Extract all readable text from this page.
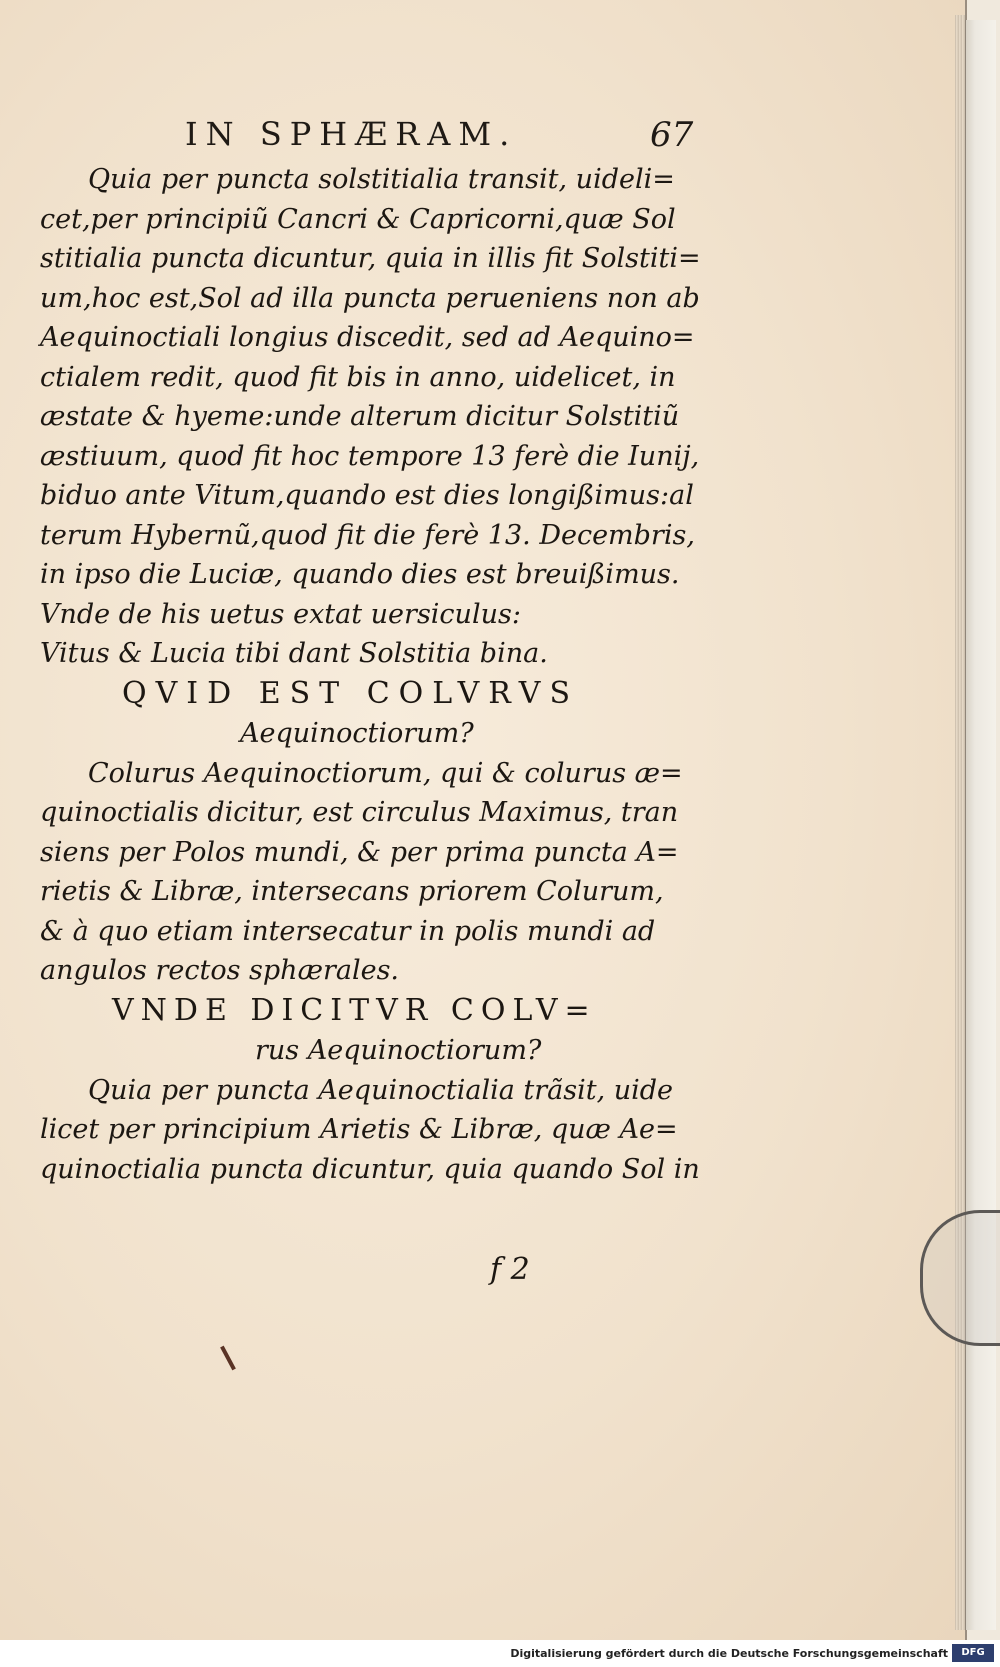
IN SPHÆRAM.	67
Quia per puncta solstitialia transit, uideli=
cet,per principiũ Cancri & Capricorni,quæ Sol
stitialia puncta dicuntur, quia in illis fit Solstiti=
um,hoc est,Sol ad illa puncta perueniens non ab
Aequinoctiali longius discedit, sed ad Aequino=
ctialem redit, quod fit bis in anno, uidelicet, in
æstate & hyeme:unde alterum dicitur Solstitiũ
æstiuum, quod fit hoc tempore 13 ferè die Iunij,
biduo ante Vitum,quando est dies longißimus:al
terum Hybernũ,quod fit die ferè 13. Decembris,
in ipso die Luciæ, quando dies est breuißimus.
Vnde de his uetus extat uersiculus:
Vitus & Lucia tibi dant Solstitia bina.
QVID EST COLVRVS
Aequinoctiorum?
Colurus Aequinoctiorum, qui & colurus æ=
quinoctialis dicitur, est circulus Maximus, tran
siens per Polos mundi, & per prima puncta A=
rietis & Libræ, intersecans priorem Colurum,
& à quo etiam intersecatur in polis mundi ad
angulos rectos sphærales.
VNDE DICITVR COLV=
rus Aequinoctiorum?
Quia per puncta Aequinoctialia trãsit, uide
licet per principium Arietis & Libræ, quæ Ae=
quinoctialia puncta dicuntur, quia quando Sol in
f 2
Digitalisierung gefördert durch die Deutsche Forschungsgemeinschaft	DFG
